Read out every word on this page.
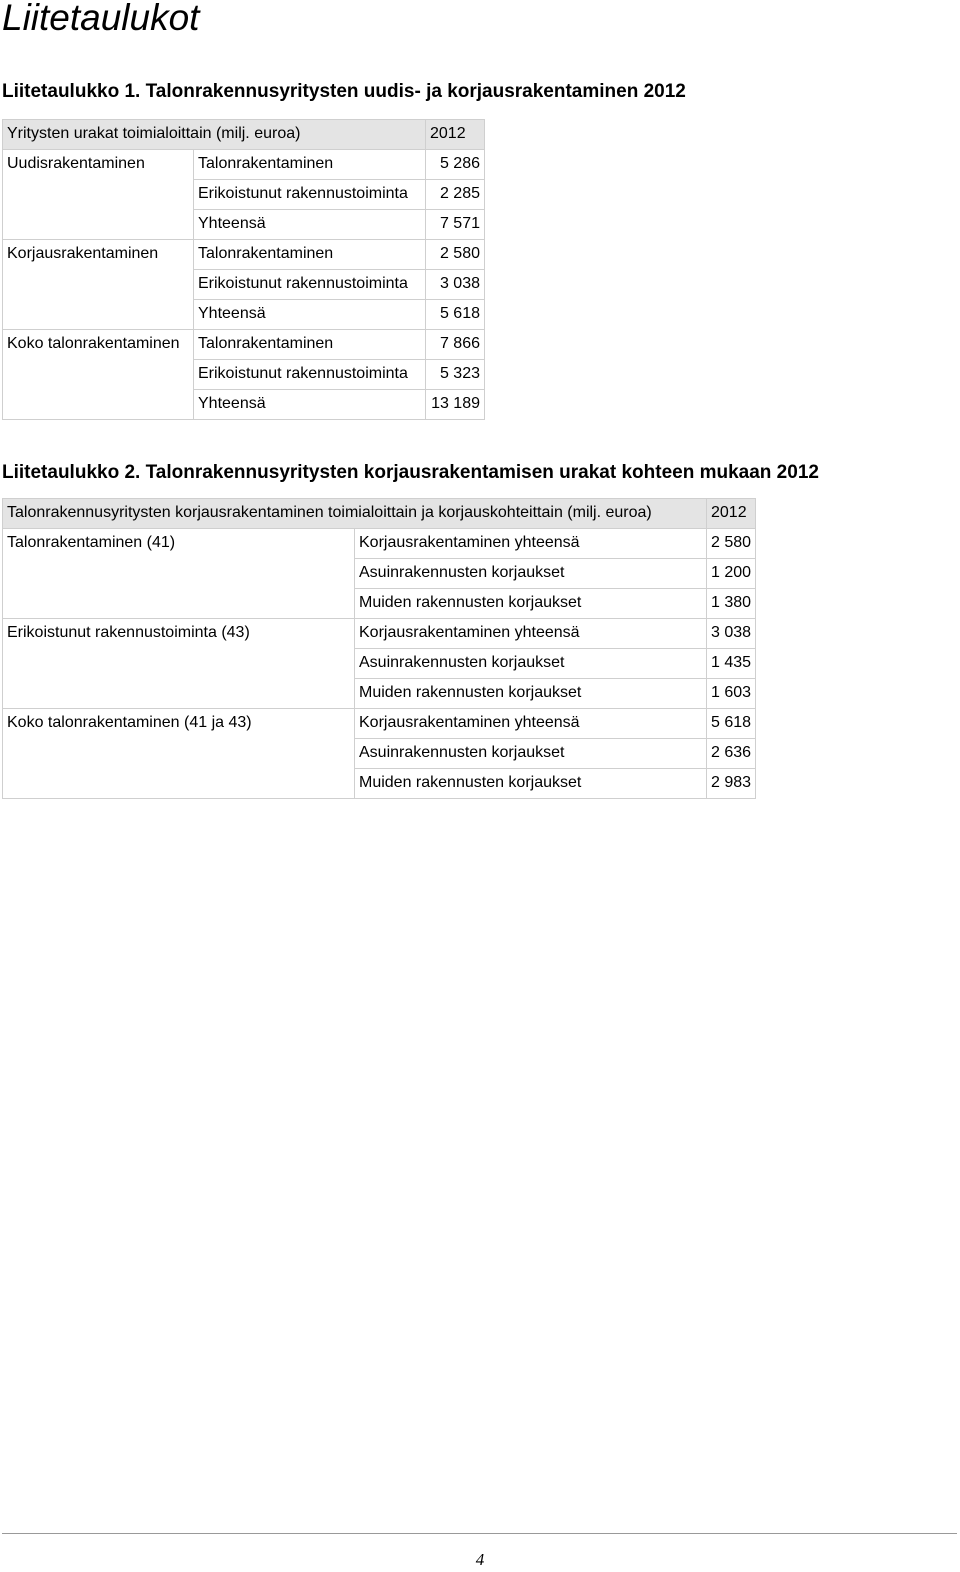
Liitetaulukot
Liitetaulukko 1. Talonrakennusyritysten uudis- ja korjausrakentaminen 2012
Yritysten urakat toimialoittain (milj. euroa)		2012
Uudisrakentaminen	Talonrakentaminen	5 286
	Erikoistunut rakennustoiminta	2 285
	Yhteensä	7 571
Korjausrakentaminen	Talonrakentaminen	2 580
	Erikoistunut rakennustoiminta	3 038
	Yhteensä	5 618
Koko talonrakentaminen	Talonrakentaminen	7 866
	Erikoistunut rakennustoiminta	5 323
	Yhteensä	13 189
Liitetaulukko 2. Talonrakennusyritysten korjausrakentamisen urakat kohteen mukaan 2012
Talonrakennusyritysten korjausrakentaminen toimialoittain ja korjauskohteittain (milj. euroa)		2012
Talonrakentaminen (41)	Korjausrakentaminen yhteensä	2 580
	Asuinrakennusten korjaukset	1 200
	Muiden rakennusten korjaukset	1 380
Erikoistunut rakennustoiminta (43)	Korjausrakentaminen yhteensä	3 038
	Asuinrakennusten korjaukset	1 435
	Muiden rakennusten korjaukset	1 603
Koko talonrakentaminen (41 ja 43)	Korjausrakentaminen yhteensä	5 618
	Asuinrakennusten korjaukset	2 636
	Muiden rakennusten korjaukset	2 983
4
